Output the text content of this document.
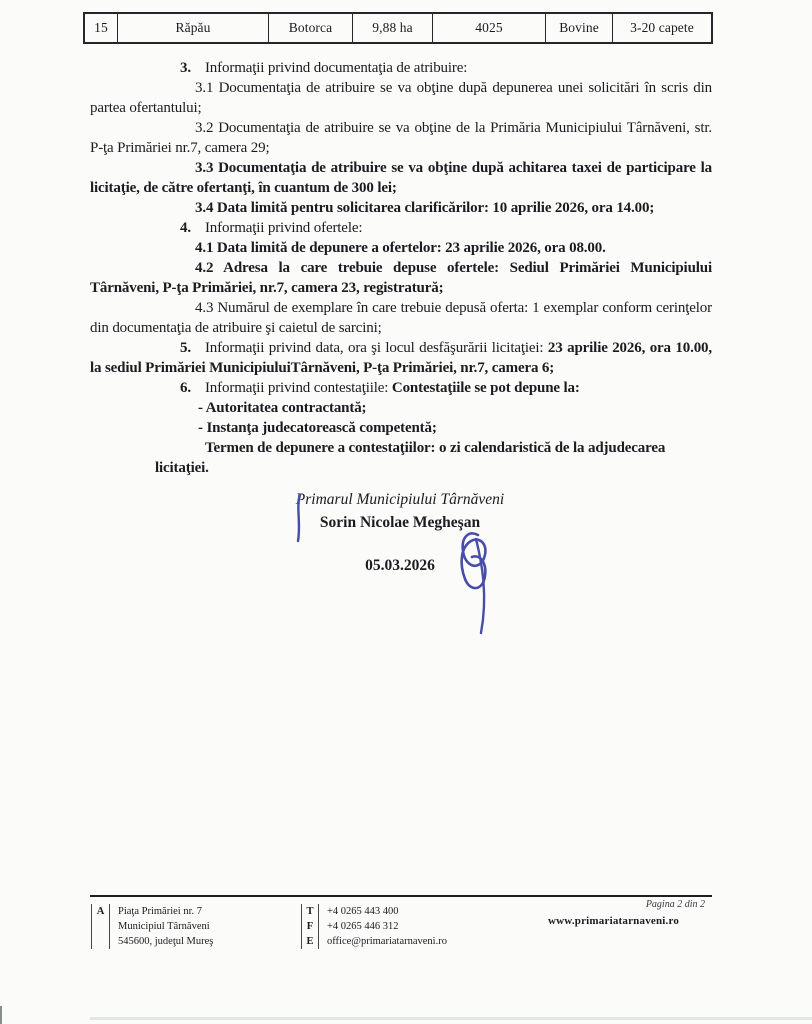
15	Răpău	Botorca	9,88 ha	4025	Bovine	3-20 capete

3. Informaţii privind documentaţia de atribuire:

3.1 Documentaţia de atribuire se va obţine după depunerea unei solicitări în scris din partea ofertantului;

3.2 Documentaţia de atribuire se va obţine de la Primăria Municipiului Târnăveni, str. P-ţa Primăriei nr.7, camera 29;

3.3 Documentaţia de atribuire se va obţine după achitarea taxei de participare la licitaţie, de către ofertanţi, în cuantum de 300 lei;

3.4 Data limită pentru solicitarea clarificărilor: 10 aprilie 2026, ora 14.00;

4. Informaţii privind ofertele:

4.1 Data limită de depunere a ofertelor: 23 aprilie 2026, ora 08.00.

4.2 Adresa la care trebuie depuse ofertele: Sediul Primăriei Municipiului Târnăveni, P-ţa Primăriei, nr.7, camera 23, registratură;

4.3 Numărul de exemplare în care trebuie depusă oferta: 1 exemplar conform cerinţelor din documentaţia de atribuire şi caietul de sarcini;

5. Informaţii privind data, ora şi locul desfăşurării licitaţiei: 23 aprilie 2026, ora 10.00, la sediul Primăriei MunicipiuluiTârnăveni, P-ţa Primăriei, nr.7, camera 6;

6. Informaţii privind contestaţiile: Contestaţiile se pot depune la:

- Autoritatea contractantă;

- Instanţa judecatorească competentă;

Termen de depunere a contestaţiilor: o zi calendaristică de la adjudecarea licitaţiei.

Primarul Municipiului Târnăveni
Sorin Nicolae Megheşan
05.03.2026
Pagina 2 din 2
A	Piaţa Primăriei nr. 7
Municipiul Târnăveni
545600, judeţul Mureş
T	+4 0265 443 400
F	+4 0265 446 312
E	office@primariatarnaveni.ro
www.primariatarnaveni.ro
